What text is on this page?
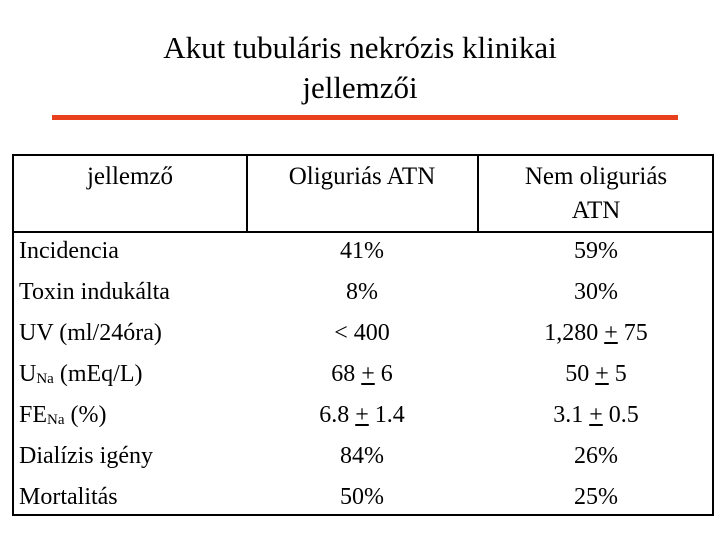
Akut tubuláris nekrózis klinikai
jellemzői
jellemző	Oliguriás ATN	Nem oliguriás
ATN
Incidencia	41%	59%
Toxin indukálta	8%	30%
UV (ml/24óra)	< 400	1,280 + 75
$U_{Na}$ (mEq/L)	68 + 6	50 + 5
$FE_{Na}$ (%)	6.8 + 1.4	3.1 + 0.5
Dialízis igény	84%	26%
Mortalitás	50%	25%
